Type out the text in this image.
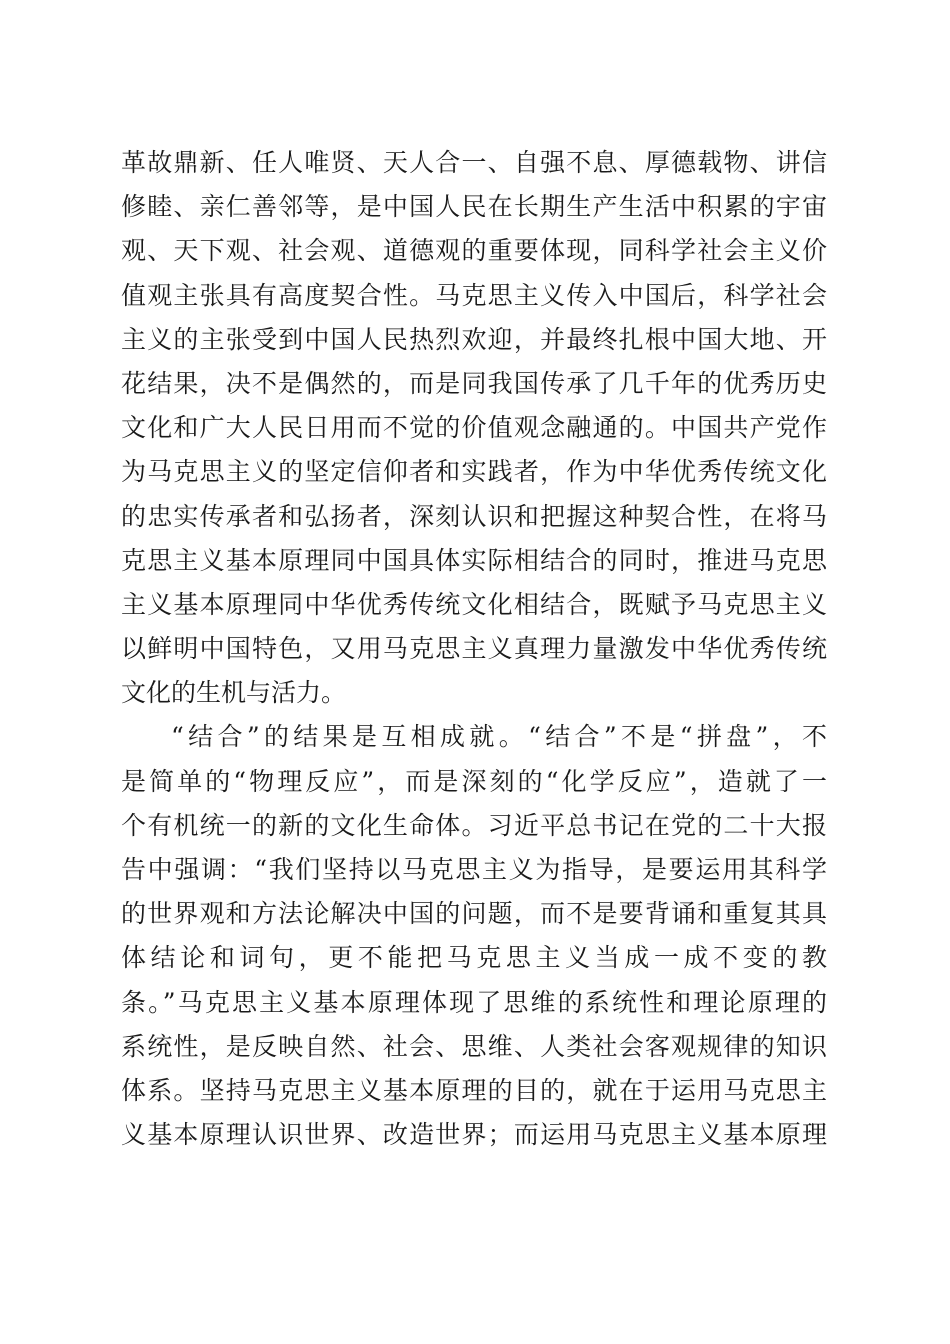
革故鼎新、任人唯贤、天人合一、自强不息、厚德载物、讲信
修睦、亲仁善邻等，是中国人民在长期生产生活中积累的宇宙
观、天下观、社会观、道德观的重要体现，同科学社会主义价
值观主张具有高度契合性。马克思主义传入中国后，科学社会
主义的主张受到中国人民热烈欢迎，并最终扎根中国大地、开
花结果，决不是偶然的，而是同我国传承了几千年的优秀历史
文化和广大人民日用而不觉的价值观念融通的。中国共产党作
为马克思主义的坚定信仰者和实践者，作为中华优秀传统文化
的忠实传承者和弘扬者，深刻认识和把握这种契合性，在将马
克思主义基本原理同中国具体实际相结合的同时，推进马克思
主义基本原理同中华优秀传统文化相结合，既赋予马克思主义
以鲜明中国特色，又用马克思主义真理力量激发中华优秀传统
文化的生机与活力。
“结合”的结果是互相成就。“结合”不是“拼盘”，不
是简单的“物理反应”，而是深刻的“化学反应”，造就了一
个有机统一的新的文化生命体。习近平总书记在党的二十大报
告中强调：“我们坚持以马克思主义为指导，是要运用其科学
的世界观和方法论解决中国的问题，而不是要背诵和重复其具
体结论和词句，更不能把马克思主义当成一成不变的教
条。”马克思主义基本原理体现了思维的系统性和理论原理的
系统性，是反映自然、社会、思维、人类社会客观规律的知识
体系。坚持马克思主义基本原理的目的，就在于运用马克思主
义基本原理认识世界、改造世界；而运用马克思主义基本原理
